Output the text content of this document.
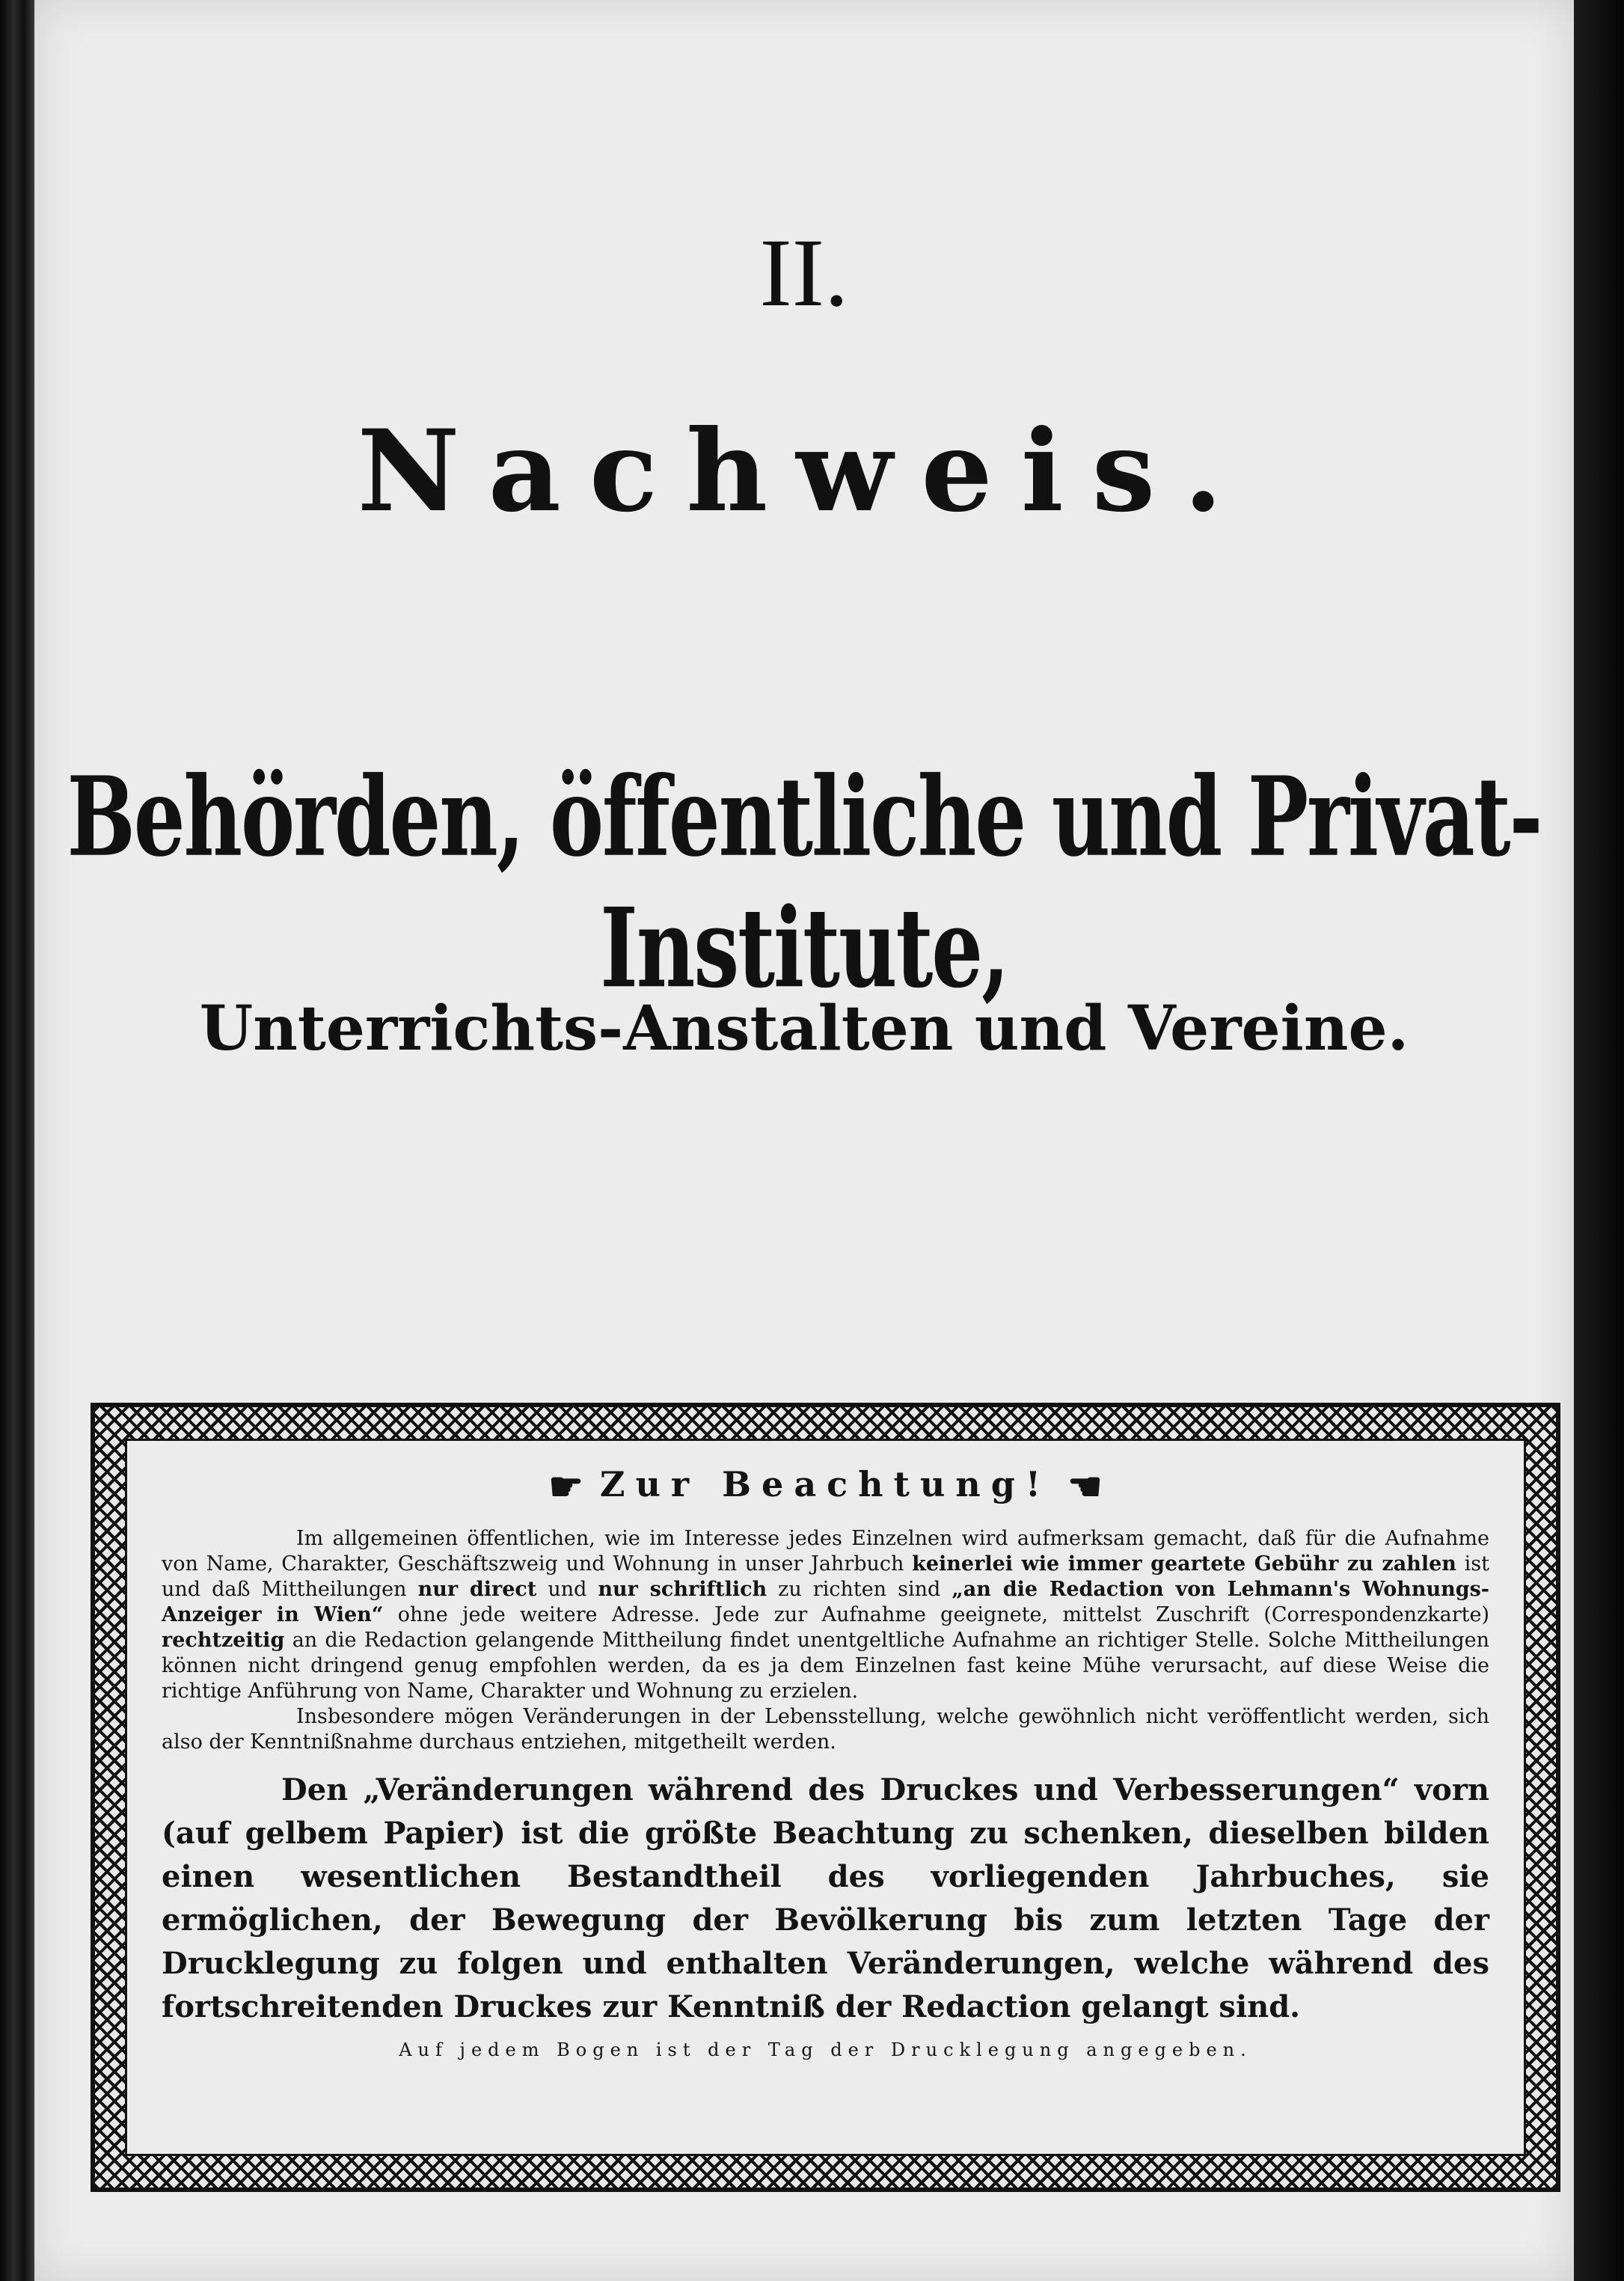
II.
Nachweis.
Behörden, öffentliche und Privat-Institute,
Unterrichts-Anstalten und Vereine.
☛ Zur Beachtung! ☚

Im allgemeinen öffentlichen, wie im Interesse jedes Einzelnen wird aufmerksam gemacht, daß für die Aufnahme von Name, Charakter, Geschäftszweig und Wohnung in unser Jahrbuch keinerlei wie immer geartete Gebühr zu zahlen ist und daß Mittheilungen nur direct und nur schriftlich zu richten sind „an die Redaction von Lehmann's Wohnungs-Anzeiger in Wien“ ohne jede weitere Adresse. Jede zur Aufnahme geeignete, mittelst Zuschrift (Correspondenzkarte) rechtzeitig an die Redaction gelangende Mittheilung findet unentgeltliche Aufnahme an richtiger Stelle. Solche Mittheilungen können nicht dringend genug empfohlen werden, da es ja dem Einzelnen fast keine Mühe verursacht, auf diese Weise die richtige Anführung von Name, Charakter und Wohnung zu erzielen.

Insbesondere mögen Veränderungen in der Lebensstellung, welche gewöhnlich nicht veröffentlicht werden, sich also der Kenntnißnahme durchaus entziehen, mitgetheilt werden.

Den „Veränderungen während des Druckes und Verbesserungen“ vorn (auf gelbem Papier) ist die größte Beachtung zu schenken, dieselben bilden einen wesentlichen Bestandtheil des vorliegenden Jahrbuches, sie ermöglichen, der Bewegung der Bevölkerung bis zum letzten Tage der Drucklegung zu folgen und enthalten Veränderungen, welche während des fortschreitenden Druckes zur Kenntniß der Redaction gelangt sind.

Auf jedem Bogen ist der Tag der Drucklegung angegeben.
